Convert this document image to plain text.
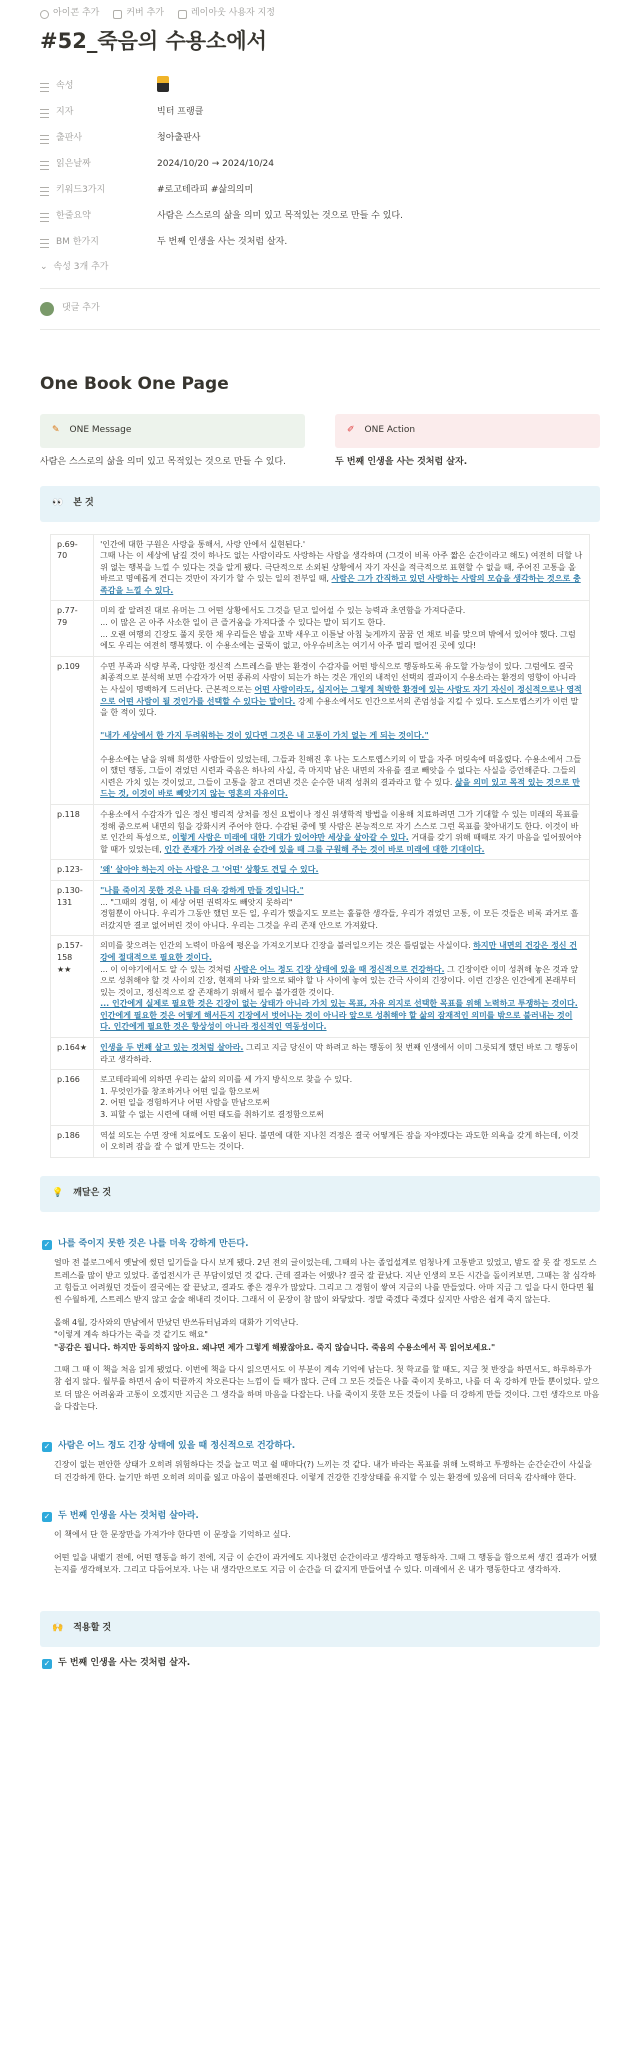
아이콘 추가	커버 추가	레이아웃 사용자 지정
#52_죽음의 수용소에서
속성
지자	빅터 프랭클
출판사	청아출판사
읽은날짜	2024/10/20 → 2024/10/24
키워드3가지	#로고테라피 #삶의의미
한줄요약	사람은 스스로의 삶을 의미 있고 목적있는 것으로 만들 수 있다.
BM 한가지	두 번째 인생을 사는 것처럼 살자.
⌄ 속성 3개 추가
댓글 추가
One Book One Page
✎ ONE Message
사람은 스스로의 삶을 의미 있고 목적있는 것으로 만들 수 있다.
✐ ONE Action
두 번째 인생을 사는 것처럼 살자.
👀 본 것
p.69-70	'인간에 대한 구원은 사랑을 통해서, 사랑 안에서 실현된다.'
그때 나는 이 세상에 남길 것이 하나도 없는 사람이라도 사랑하는 사람을 생각하며 (그것이 비록 아주 짧은 순간이라고 해도) 여전히 더할 나위 없는 행복을 느낄 수 있다는 것을 알게 됐다. 극단적으로 소외된 상황에서 자기 자신을 적극적으로 표현할 수 없을 때, 주어진 고통을 올바르고 명예롭게 견디는 것만이 자기가 할 수 있는 일의 전부일 때, 사람은 그가 간직하고 있던 사랑하는 사람의 모습을 생각하는 것으로 충족감을 느낄 수 있다.
p.77-79	미의 잘 알려진 대로 유머는 그 어떤 상황에서도 그것을 딛고 일어설 수 있는 능력과 초연함을 가져다준다.
... 이 많은 곤 아주 사소한 일이 큰 즐거움을 가져다줄 수 있다는 말이 되기도 한다.
... 오랜 여행의 긴장도 풀지 못한 채 우리들은 밤을 꼬박 새우고 이튿날 아침 늦게까지 꿈꿈 언 채로 비를 맞으며 밖에서 있어야 했다. 그럼에도 우리는 여전히 행복했다. 이 수용소에는 굴뚝이 없고, 아우슈비츠는 여기서 아주 멀리 떨어진 곳에 있다!
p.109	수면 부족과 식량 부족, 다양한 정신적 스트레스를 받는 환경이 수감자를 어떤 방식으로 행동하도록 유도할 가능성이 있다. 그럼에도 결국 최종적으로 분석해 보면 수감자가 어떤 종류의 사람이 되는가 하는 것은 개인의 내적인 선택의 결과이지 수용소라는 환경의 영향이 아니라는 사실이 명백하게 드러난다. 근본적으로는 어떤 사람이라도, 심지어는 그렇게 척박한 환경에 있는 사람도 자기 자신이 정신적으로나 영적으로 어떤 사람이 될 것인가를 선택할 수 있다는 말이다. 강제 수용소에서도 인간으로서의 존엄성을 지킬 수 있다. 도스토옙스키가 이런 말을 한 적이 있다.

"내가 세상에서 한 가지 두려워하는 것이 있다면 그것은 내 고통이 가치 없는 게 되는 것이다."

수용소에는 남을 위해 희생한 사람들이 있었는데, 그들과 친해진 후 나는 도스토옙스키의 이 말을 자주 머릿속에 떠올렸다. 수용소에서 그들이 했던 행동, 그들이 겪었던 시련과 죽음은 하나의 사실, 즉 마지막 남은 내면의 자유를 결코 빼앗을 수 없다는 사실을 증언해준다. 그들의 시련은 가치 있는 것이었고, 그들이 고통을 참고 견뎌낸 것은 순수한 내적 성취의 결과라고 할 수 있다. 삶을 의미 있고 목적 있는 것으로 만드는 것, 이것이 바로 빼앗기지 않는 영혼의 자유이다.
p.118	수용소에서 수감자가 입은 정신 병리적 상처를 정신 요법이나 정신 위생학적 방법을 이용해 치료하려면 그가 기대할 수 있는 미래의 목표를 정해 줌으로써 내면의 힘을 강화시켜 주어야 한다. 수감된 중에 몇 사람은 본능적으로 자기 스스로 그런 목표를 찾아내기도 한다. 이것이 바로 인간의 특성으로, 이렇게 사람은 미래에 대한 기대가 있어야만 세상을 살아갈 수 있다. 거대를 갖기 위해 때때로 자기 마음을 일어꿨어야 할 때가 있었는데, 인간 존재가 가장 어려운 순간에 있을 때 그를 구원해 주는 것이 바로 미래에 대한 기대이다.
p.123-	'왜' 살아야 하는지 아는 사람은 그 '어떤' 상황도 견딜 수 있다.
p.130-131	"나를 죽이지 못한 것은 나를 더욱 강하게 만들 것입니다."
... "그때의 경험, 이 세상 어떤 권력자도 빼앗지 못하리"
경험뿐이 아니다. 우리가 그동안 했던 모든 일, 우리가 했을지도 모르는 훌륭한 생각들, 우리가 겪었던 고통, 이 모든 것들은 비록 과거로 흘러갔지만 결코 없어버린 것이 아니다. 우리는 그것을 우리 존재 안으로 가져왔다.
p.157-158 ★★	의미를 찾으려는 인간의 노력이 마음에 평온을 가져오기보다 긴장을 불러일으키는 것은 틀림없는 사실이다. 하지만 내면의 건강은 정신 건강에 절대적으로 필요한 것이다.
... 이 이야기에서도 알 수 있는 것처럼 사람은 어느 정도 긴장 상태에 있을 때 정신적으로 건강하다. 그 긴장이란 이미 성취해 놓은 것과 앞으로 성취해야 할 것 사이의 긴장, 현재의 나와 앞으로 돼야 할 나 사이에 놓여 있는 간극 사이의 긴장이다. 이런 긴장은 인간에게 본래부터 있는 것이고, 정신적으로 잘 존재하기 위해서 필수 불가결한 것이다.
... 인간에게 실제로 필요한 것은 긴장이 없는 상태가 아니라 가치 있는 목표, 자유 의지로 선택한 목표를 위해 노력하고 투쟁하는 것이다. 인간에게 필요한 것은 어떻게 해서든지 긴장에서 벗어나는 것이 아니라 앞으로 성취해야 할 삶의 잠재적인 의미를 밖으로 불러내는 것이다. 인간에게 필요한 것은 항상성이 아니라 정신적인 역동성이다.
p.164★	인생을 두 번째 살고 있는 것처럼 살아라. 그리고 지금 당신이 막 하려고 하는 행동이 첫 번째 인생에서 이미 그릇되게 했던 바로 그 행동이라고 생각하라.
p.166	로고테라피에 의하면 우리는 삶의 의미를 세 가지 방식으로 찾을 수 있다.
1. 무엇인가를 창조하거나 어떤 일을 함으로써
2. 어떤 일을 경험하거나 어떤 사람을 만남으로써
3. 피할 수 없는 시련에 대해 어떤 태도를 취하기로 결정함으로써
p.186	역설 의도는 수면 장애 치료에도 도움이 된다. 불면에 대한 지나친 걱정은 결국 어떻게든 잠을 자야겠다는 과도한 의욕을 갖게 하는데, 이것이 오히려 잠을 잘 수 없게 만드는 것이다.
💡 깨달은 것
✓ 나를 죽이지 못한 것은 나를 더욱 강하게 만든다.

얼마 전 블로그에서 옛날에 썼던 일기들을 다시 보게 됐다. 2년 전의 글이었는데, 그때의 나는 졸업설계로 엄청나게 고통받고 있었고, 밤도 잘 못 잘 정도로 스트레스를 많이 받고 있었다. 졸업전시가 큰 부담이었던 것 같다. 근데 결과는 어땠나? 결국 잘 끝났다. 지난 인생의 모든 시간을 돌이켜보면, 그때는 참 심각하고 힘들고 어려웠던 것들이 결국에는 잘 끝났고, 결과도 좋은 경우가 많았다. 그리고 그 경험이 쌓여 지금의 나를 만들었다. 아마 지금 그 일을 다시 한다면 훨씬 수월하게, 스트레스 받지 않고 술술 해내리 것이다. 그래서 이 문장이 참 많이 와닿았다. 정말 죽겠다 죽겠다 싶지만 사람은 쉽게 죽지 않는다.

올해 4월, 강사와의 만남에서 만났던 반쓰듀터님과의 대화가 기억난다.
"이렇게 계속 하다가는 죽을 것 같기도 해요"
"공감은 됩니다. 하지만 동의하지 않아요. 왜냐면 제가 그렇게 해봤잖아요. 죽지 않습니다. 죽음의 수용소에서 꼭 읽어보세요."

그때 그 때 이 책을 처음 읽게 됐었다. 이번에 책을 다시 읽으면서도 이 부분이 계속 기억에 남는다. 첫 학교를 할 때도, 지금 첫 반장을 하면서도, 하루하루가 참 쉽지 않다. 월부를 하면서 숨이 턱끝까지 차오른다는 느낌이 들 때가 많다. 근데 그 모든 것들은 나를 죽이지 못하고, 나를 더 욱 강하게 만들 뿐이었다. 앞으로 더 많은 어려움과 고통이 오겠지만 지금은 그 생각을 하며 마음을 다잡는다. 나를 죽이지 못한 모든 것들이 나를 더 강하게 만들 것이다. 그런 생각으로 마음을 다잡는다.

✓ 사람은 어느 정도 긴장 상태에 있을 때 정신적으로 건강하다.

긴장이 없는 편안한 상태가 오히려 위험하다는 것을 늘고 먹고 쉴 때마다(?) 느끼는 것 같다. 내가 바라는 목표를 위해 노력하고 투쟁하는 순간순간이 사실을 더 건강하게 한다. 늘기만 하면 오히려 의미를 잃고 마음이 불편해진다. 이렇게 건강한 긴장상태를 유지할 수 있는 환경에 있음에 더더욱 감사해야 한다.

✓ 두 번째 인생을 사는 것처럼 살아라.

이 책에서 단 한 문장만을 가져가야 한다면 이 문장을 기억하고 싶다.

어떤 일을 내뱉기 전에, 어떤 행동을 하기 전에, 지금 이 순간이 과거에도 지나쳤던 순간이라고 생각하고 행동하자. 그때 그 행동을 함으로써 생긴 결과가 어땠는지를 생각해보자. 그리고 다듬어보자. 나는 내 생각만으로도 지금 이 순간을 더 값지게 만들어낼 수 있다. 미래에서 온 내가 행동한다고 생각하자.

🙌 적용할 것
✓ 두 번째 인생을 사는 것처럼 살자.
